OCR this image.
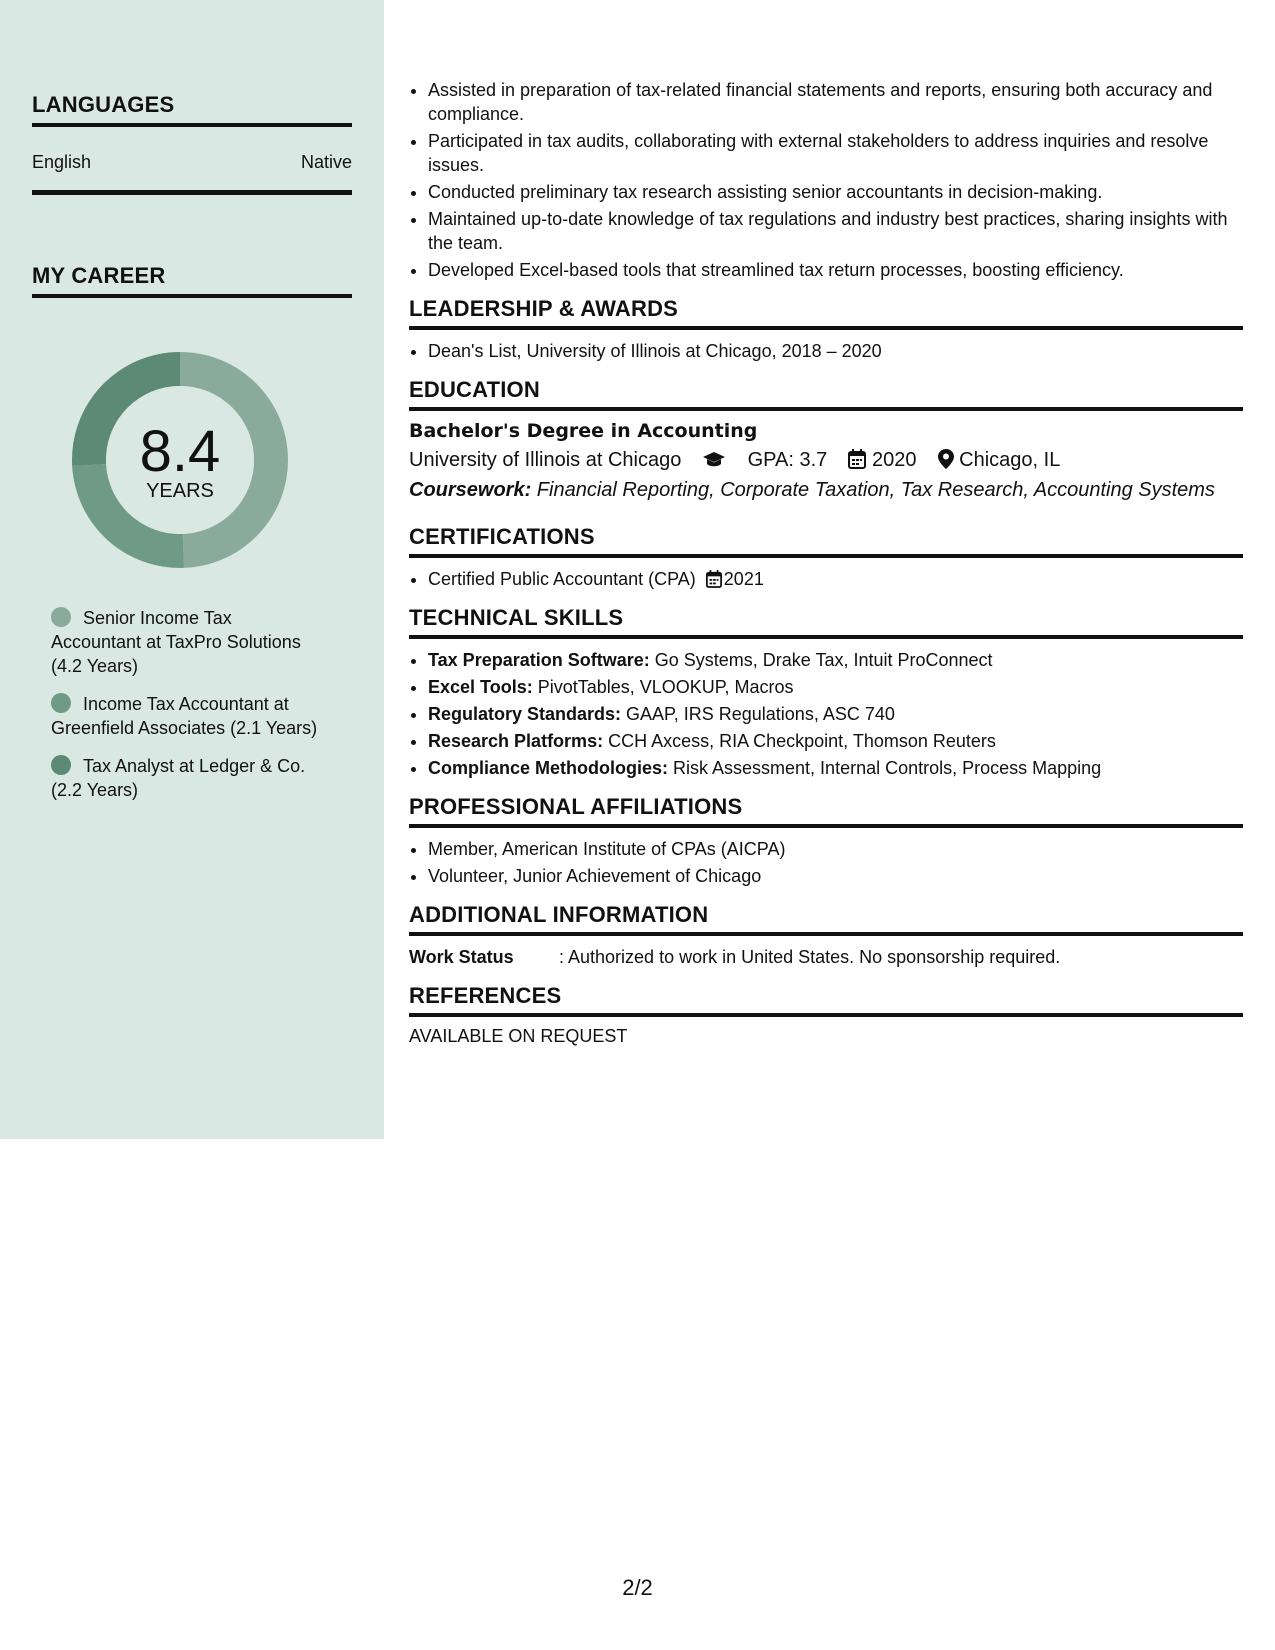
LANGUAGES
English	Native
MY CAREER
8.4
YEARS
Senior Income Tax Accountant at TaxPro Solutions (4.2 Years)
Income Tax Accountant at Greenfield Associates (2.1 Years)
Tax Analyst at Ledger & Co. (2.2 Years)
• Assisted in preparation of tax-related financial statements and reports, ensuring both accuracy and compliance.
• Participated in tax audits, collaborating with external stakeholders to address inquiries and resolve issues.
• Conducted preliminary tax research assisting senior accountants in decision-making.
• Maintained up-to-date knowledge of tax regulations and industry best practices, sharing insights with the team.
• Developed Excel-based tools that streamlined tax return processes, boosting efficiency.
LEADERSHIP & AWARDS
• Dean's List, University of Illinois at Chicago, 2018 – 2020
EDUCATION
Bachelor's Degree in Accounting
University of Illinois at Chicago	GPA: 3.7 2020 Chicago, IL
Coursework: Financial Reporting, Corporate Taxation, Tax Research, Accounting Systems
CERTIFICATIONS
• Certified Public Accountant (CPA) 2021
TECHNICAL SKILLS
• Tax Preparation Software: Go Systems, Drake Tax, Intuit ProConnect
• Excel Tools: PivotTables, VLOOKUP, Macros
• Regulatory Standards: GAAP, IRS Regulations, ASC 740
• Research Platforms: CCH Axcess, RIA Checkpoint, Thomson Reuters
• Compliance Methodologies: Risk Assessment, Internal Controls, Process Mapping
PROFESSIONAL AFFILIATIONS
• Member, American Institute of CPAs (AICPA)
• Volunteer, Junior Achievement of Chicago
ADDITIONAL INFORMATION
Work Status	: Authorized to work in United States. No sponsorship required.
REFERENCES
AVAILABLE ON REQUEST
2/2
